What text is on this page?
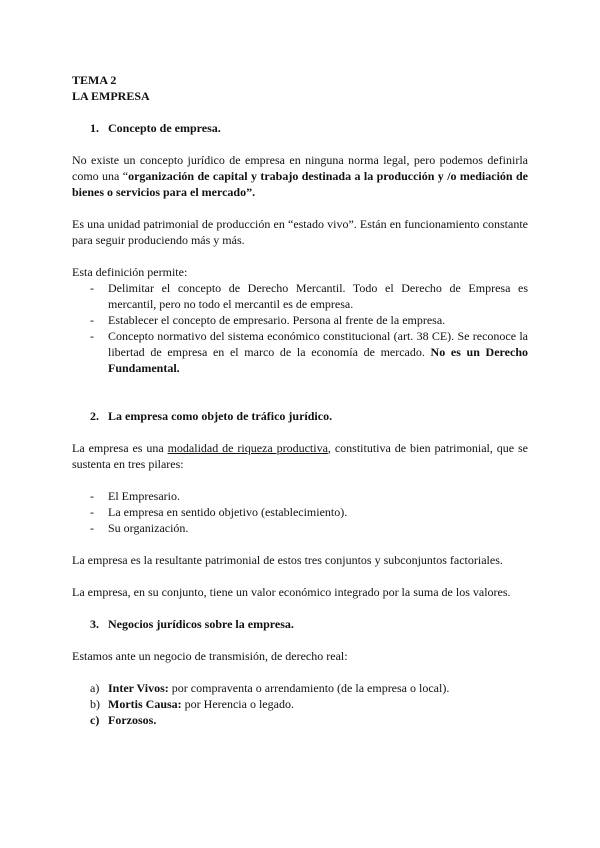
TEMA 2
LA EMPRESA
1. Concepto de empresa.
No existe un concepto jurídico de empresa en ninguna norma legal, pero podemos definirla como una “organización de capital y trabajo destinada a la producción y /o mediación de bienes o servicios para el mercado”.
Es una unidad patrimonial de producción en “estado vivo”. Están en funcionamiento constante para seguir produciendo más y más.
Esta definición permite:
- Delimitar el concepto de Derecho Mercantil. Todo el Derecho de Empresa es mercantil, pero no todo el mercantil es de empresa.
- Establecer el concepto de empresario. Persona al frente de la empresa.
- Concepto normativo del sistema económico constitucional (art. 38 CE). Se reconoce la libertad de empresa en el marco de la economía de mercado. No es un Derecho Fundamental.
2. La empresa como objeto de tráfico jurídico.
La empresa es una modalidad de riqueza productiva, constitutiva de bien patrimonial, que se sustenta en tres pilares:
- El Empresario.
- La empresa en sentido objetivo (establecimiento).
- Su organización.
La empresa es la resultante patrimonial de estos tres conjuntos y subconjuntos factoriales.
La empresa, en su conjunto, tiene un valor económico integrado por la suma de los valores.
3. Negocios jurídicos sobre la empresa.
Estamos ante un negocio de transmisión, de derecho real:
a) Inter Vivos: por compraventa o arrendamiento (de la empresa o local).
b) Mortis Causa: por Herencia o legado.
c) Forzosos.
